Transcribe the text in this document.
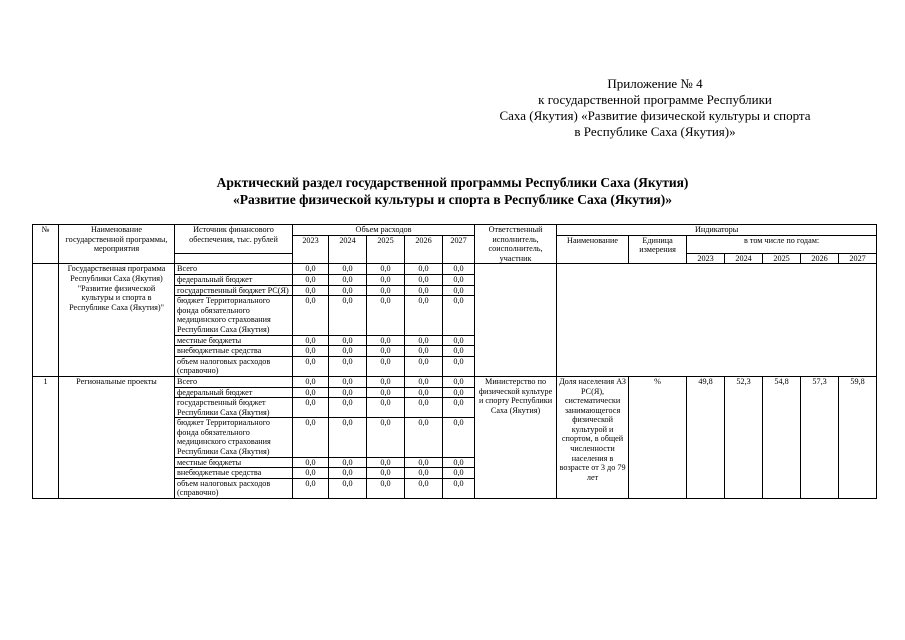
Приложение № 4
к государственной программе Республики
Саха (Якутия) «Развитие физической культуры и спорта
в Республике Саха (Якутия)»
Арктический раздел государственной программы Республики Саха (Якутия)
«Развитие физической культуры и спорта в Республике Саха (Якутия)»
№	Наименование государственной программы, мероприятия	Источник финансового обеспечения, тыс. рублей	Объем расходов					Ответственный исполнитель, соисполнитель, участник	Индикаторы						
			2023	2024	2025	2026	2027		Наименование	Единица измерения	в том числе по годам:				
											2023	2024	2025	2026	2027
	Государственная программа Республики Саха (Якутия) "Развитие физической культуры и спорта в Республике Саха (Якутия)"	Всего	0,0	0,0	0,0	0,0	0,0								
		федеральный бюджет	0,0	0,0	0,0	0,0	0,0								
		государственный бюджет РС(Я)	0,0	0,0	0,0	0,0	0,0								
		бюджет Территориального фонда обязательного медицинского страхования Республики Саха (Якутия)	0,0	0,0	0,0	0,0	0,0								
		местные бюджеты	0,0	0,0	0,0	0,0	0,0								
		внебюджетные средства	0,0	0,0	0,0	0,0	0,0								
		объем налоговых расходов (справочно)	0,0	0,0	0,0	0,0	0,0								
1	Региональные проекты	Всего	0,0	0,0	0,0	0,0	0,0	Министерство по физической культуре и спорту Республики Саха (Якутия)	Доля населения АЗ РС(Я), систематически занимающегося физической культурой и спортом, в общей численности населения в возрасте от 3 до 79 лет	%	49,8	52,3	54,8	57,3	59,8
		федеральный бюджет	0,0	0,0	0,0	0,0	0,0								
		государственный бюджет Республики Саха (Якутия)	0,0	0,0	0,0	0,0	0,0								
		бюджет Территориального фонда обязательного медицинского страхования Республики Саха (Якутия)	0,0	0,0	0,0	0,0	0,0								
		местные бюджеты	0,0	0,0	0,0	0,0	0,0								
		внебюджетные средства	0,0	0,0	0,0	0,0	0,0								
		объем налоговых расходов (справочно)	0,0	0,0	0,0	0,0	0,0								
